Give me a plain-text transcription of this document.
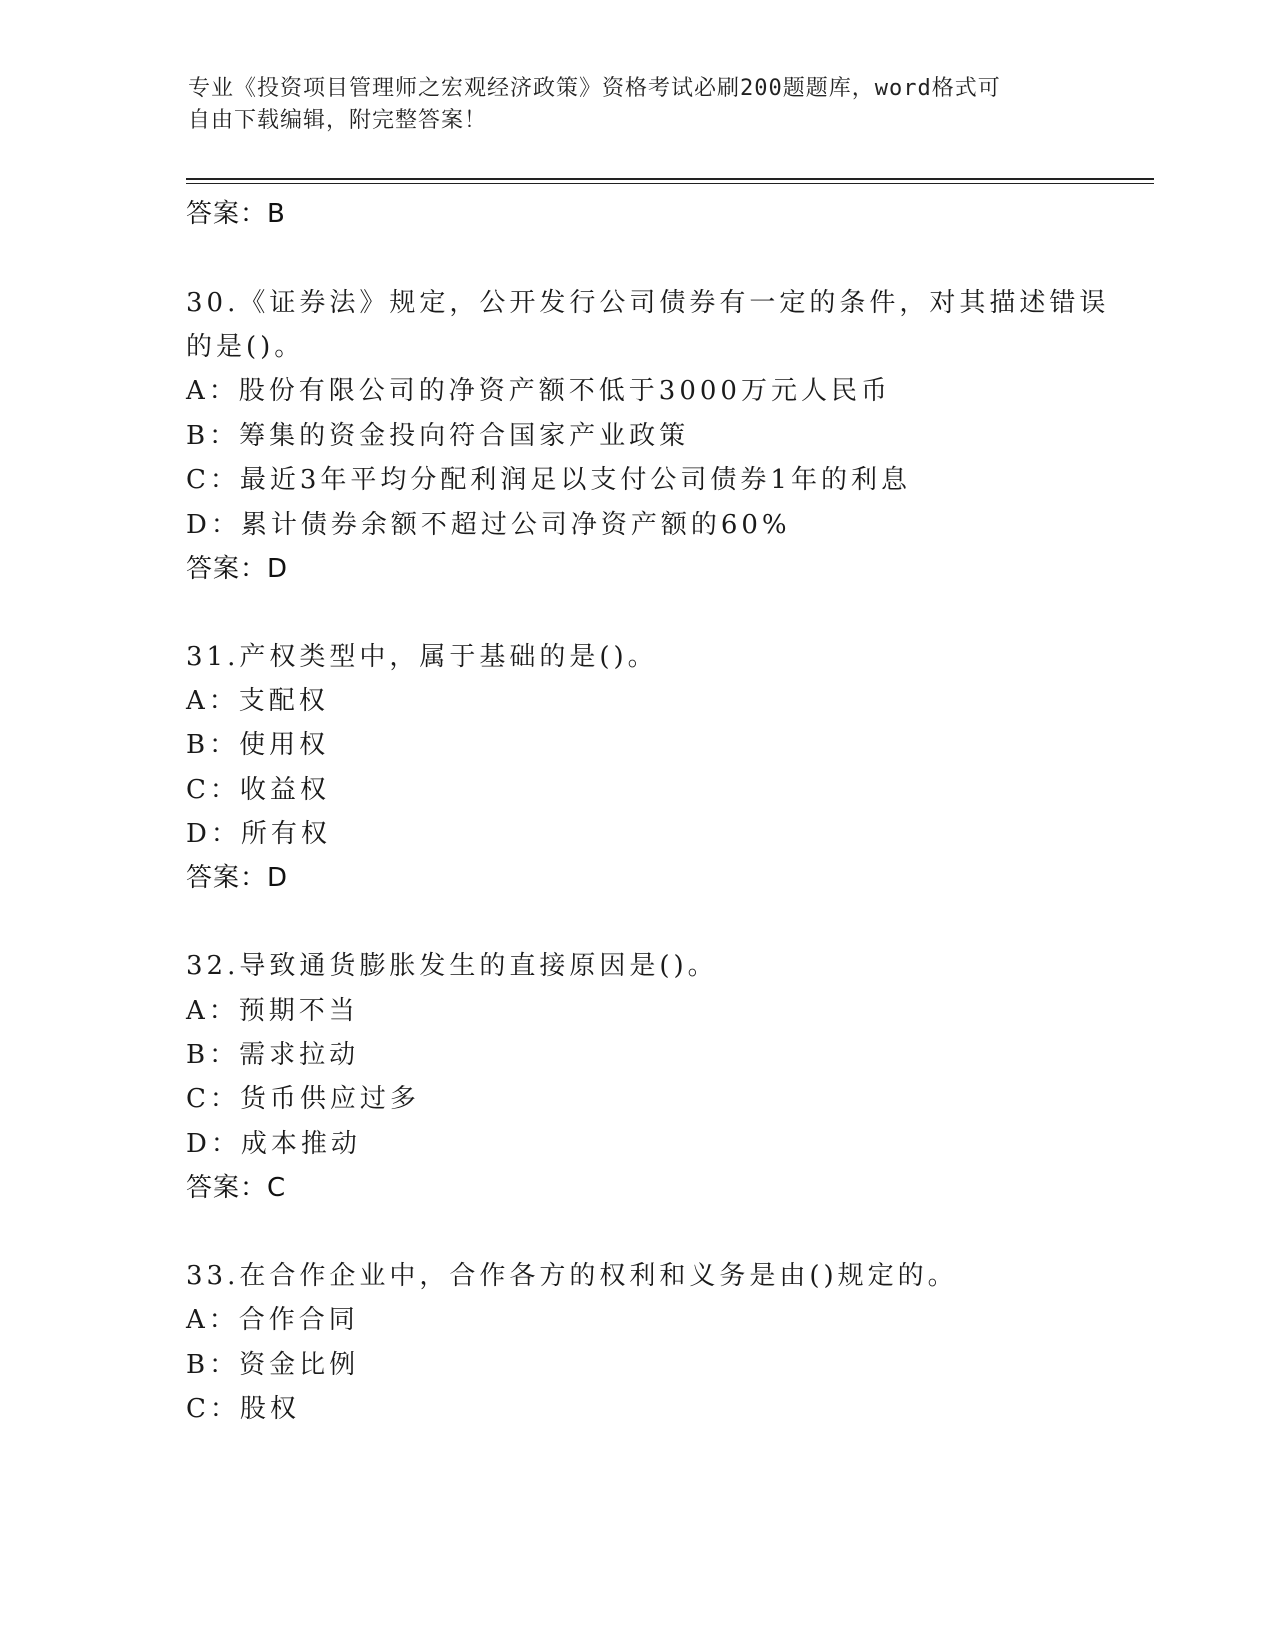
专业《投资项目管理师之宏观经济政策》资格考试必刷200题题库，word格式可
自由下载编辑，附完整答案！
答案：B
30.《证券法》规定，公开发行公司债券有一定的条件，对其描述错误
的是()。
A：股份有限公司的净资产额不低于3000万元人民币
B：筹集的资金投向符合国家产业政策
C：最近3年平均分配利润足以支付公司债券1年的利息
D：累计债券余额不超过公司净资产额的60%
答案：D
31.产权类型中，属于基础的是()。
A：支配权
B：使用权
C：收益权
D：所有权
答案：D
32.导致通货膨胀发生的直接原因是()。
A：预期不当
B：需求拉动
C：货币供应过多
D：成本推动
答案：C
33.在合作企业中，合作各方的权利和义务是由()规定的。
A：合作合同
B：资金比例
C：股权
